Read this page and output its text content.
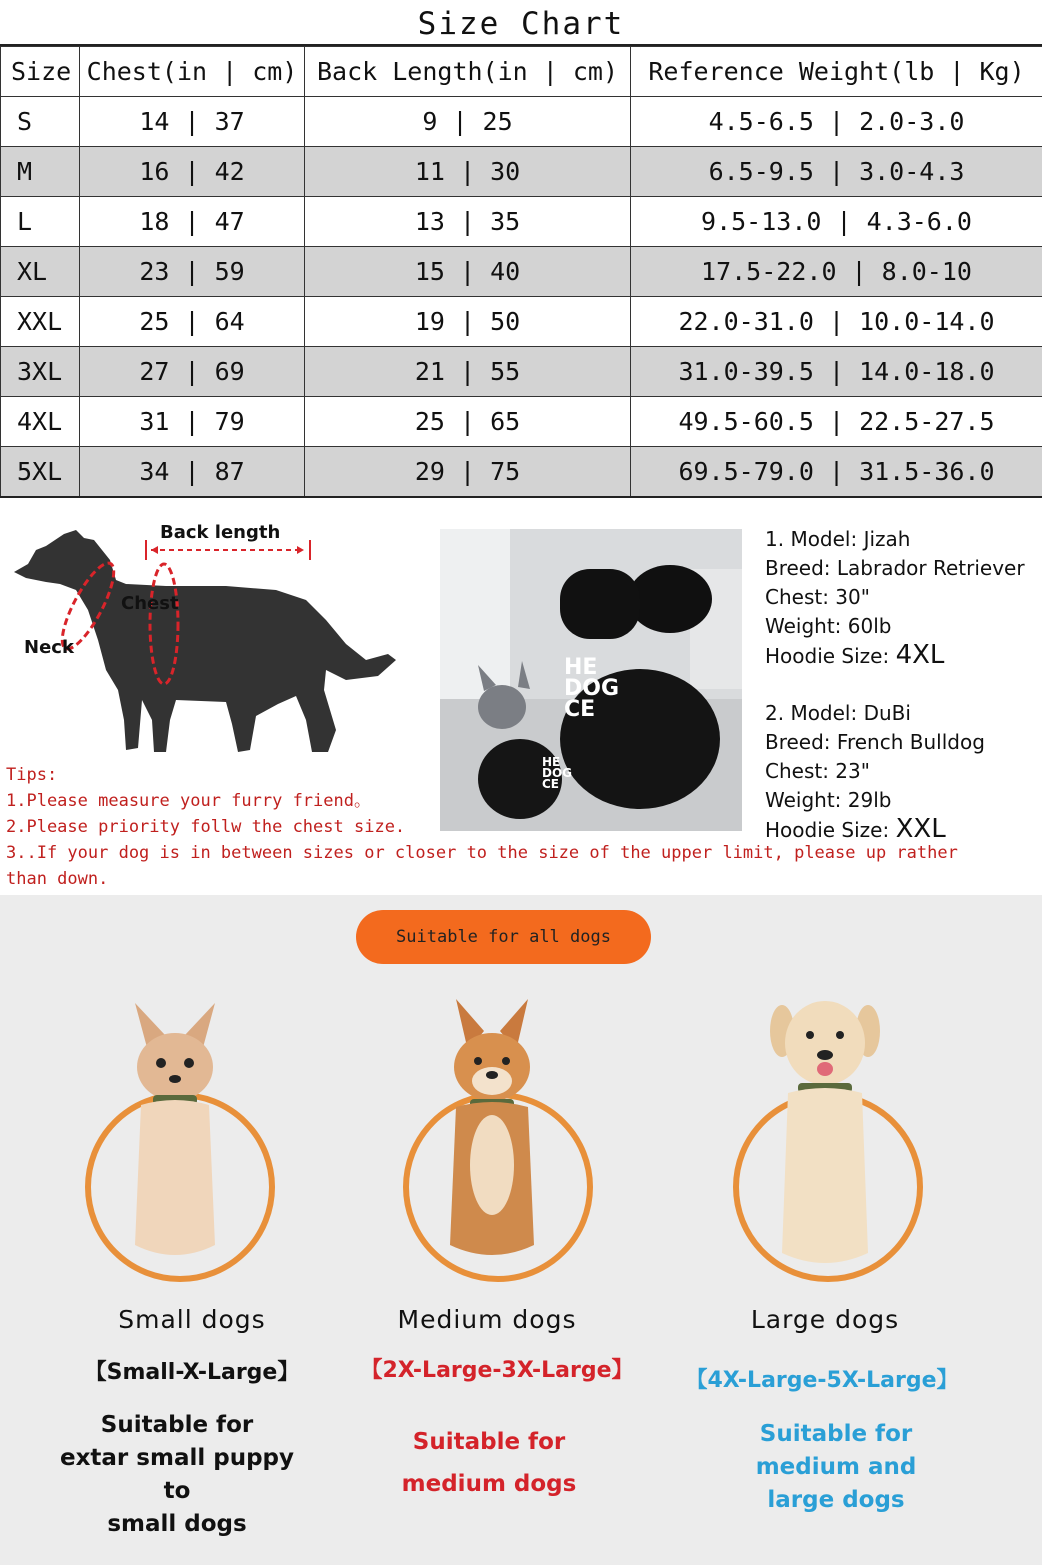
Size Chart
Size	Chest(in | cm)	Back Length(in | cm)	Reference Weight(lb | Kg)
S	14 | 37	9 | 25	4.5-6.5 | 2.0-3.0
M	16 | 42	11 | 30	6.5-9.5 | 3.0-4.3
L	18 | 47	13 | 35	9.5-13.0 | 4.3-6.0
XL	23 | 59	15 | 40	17.5-22.0 | 8.0-10
XXL	25 | 64	19 | 50	22.0-31.0 | 10.0-14.0
3XL	27 | 69	21 | 55	31.0-39.5 | 14.0-18.0
4XL	31 | 79	25 | 65	49.5-60.5 | 22.5-27.5
5XL	34 | 87	29 | 75	69.5-79.0 | 31.5-36.0
Back length
Chest
Neck
HE
DOG
CE
HE
DOG
CE
1. Model: Jizah
Breed: Labrador Retriever
Chest: 30"
Weight: 60lb
Hoodie Size: 4XL
2. Model: DuBi
Breed: French Bulldog
Chest: 23"
Weight: 29lb
Hoodie Size: XXL
Tips:
1.Please measure your furry friend。
2.Please priority follw the chest size.
3..If your dog is in between sizes or closer to the size of the upper limit, please up rather than down.
Suitable for all dogs
Small dogs
【Small-X-Large】
Suitable for
extar small puppy
to
small dogs
Medium dogs
【2X-Large-3X-Large】
Suitable for
medium dogs
Large dogs
【4X-Large-5X-Large】
Suitable for
medium and
large dogs
